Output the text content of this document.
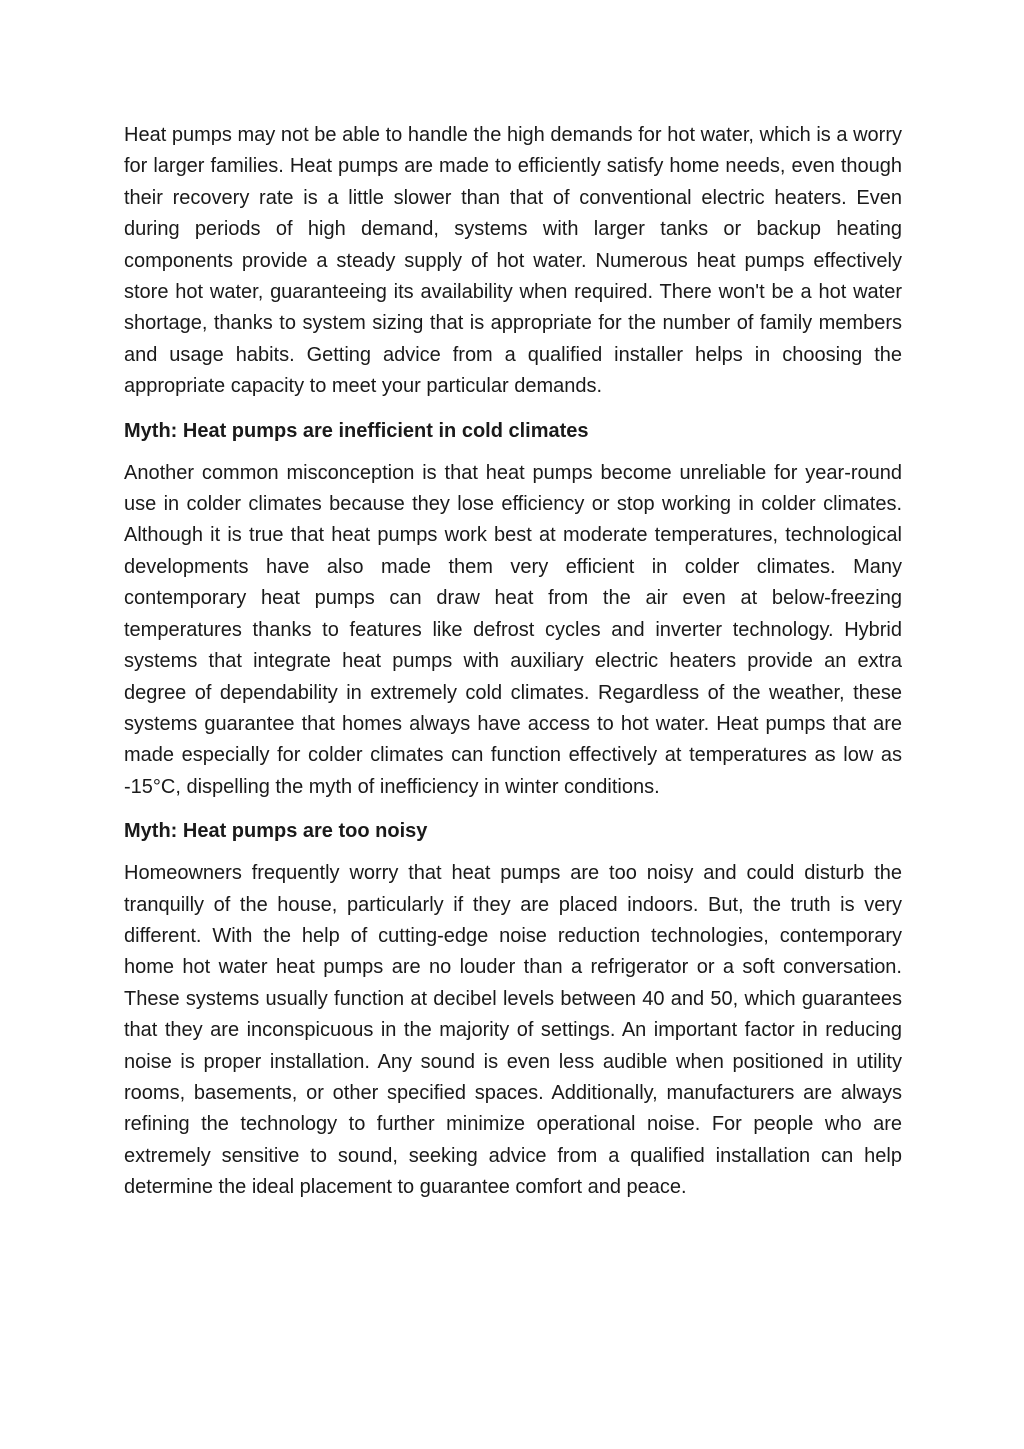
Heat pumps may not be able to handle the high demands for hot water, which is a worry for larger families. Heat pumps are made to efficiently satisfy home needs, even though their recovery rate is a little slower than that of conventional electric heaters. Even during periods of high demand, systems with larger tanks or backup heating components provide a steady supply of hot water. Numerous heat pumps effectively store hot water, guaranteeing its availability when required. There won't be a hot water shortage, thanks to system sizing that is appropriate for the number of family members and usage habits. Getting advice from a qualified installer helps in choosing the appropriate capacity to meet your particular demands.

Myth: Heat pumps are inefficient in cold climates

Another common misconception is that heat pumps become unreliable for year-round use in colder climates because they lose efficiency or stop working in colder climates. Although it is true that heat pumps work best at moderate temperatures, technological developments have also made them very efficient in colder climates. Many contemporary heat pumps can draw heat from the air even at below-freezing temperatures thanks to features like defrost cycles and inverter technology. Hybrid systems that integrate heat pumps with auxiliary electric heaters provide an extra degree of dependability in extremely cold climates. Regardless of the weather, these systems guarantee that homes always have access to hot water. Heat pumps that are made especially for colder climates can function effectively at temperatures as low as -15°C, dispelling the myth of inefficiency in winter conditions.

Myth: Heat pumps are too noisy

Homeowners frequently worry that heat pumps are too noisy and could disturb the tranquilly of the house, particularly if they are placed indoors. But, the truth is very different. With the help of cutting-edge noise reduction technologies, contemporary home hot water heat pumps are no louder than a refrigerator or a soft conversation. These systems usually function at decibel levels between 40 and 50, which guarantees that they are inconspicuous in the majority of settings. An important factor in reducing noise is proper installation. Any sound is even less audible when positioned in utility rooms, basements, or other specified spaces. Additionally, manufacturers are always refining the technology to further minimize operational noise. For people who are extremely sensitive to sound, seeking advice from a qualified installation can help determine the ideal placement to guarantee comfort and peace.
